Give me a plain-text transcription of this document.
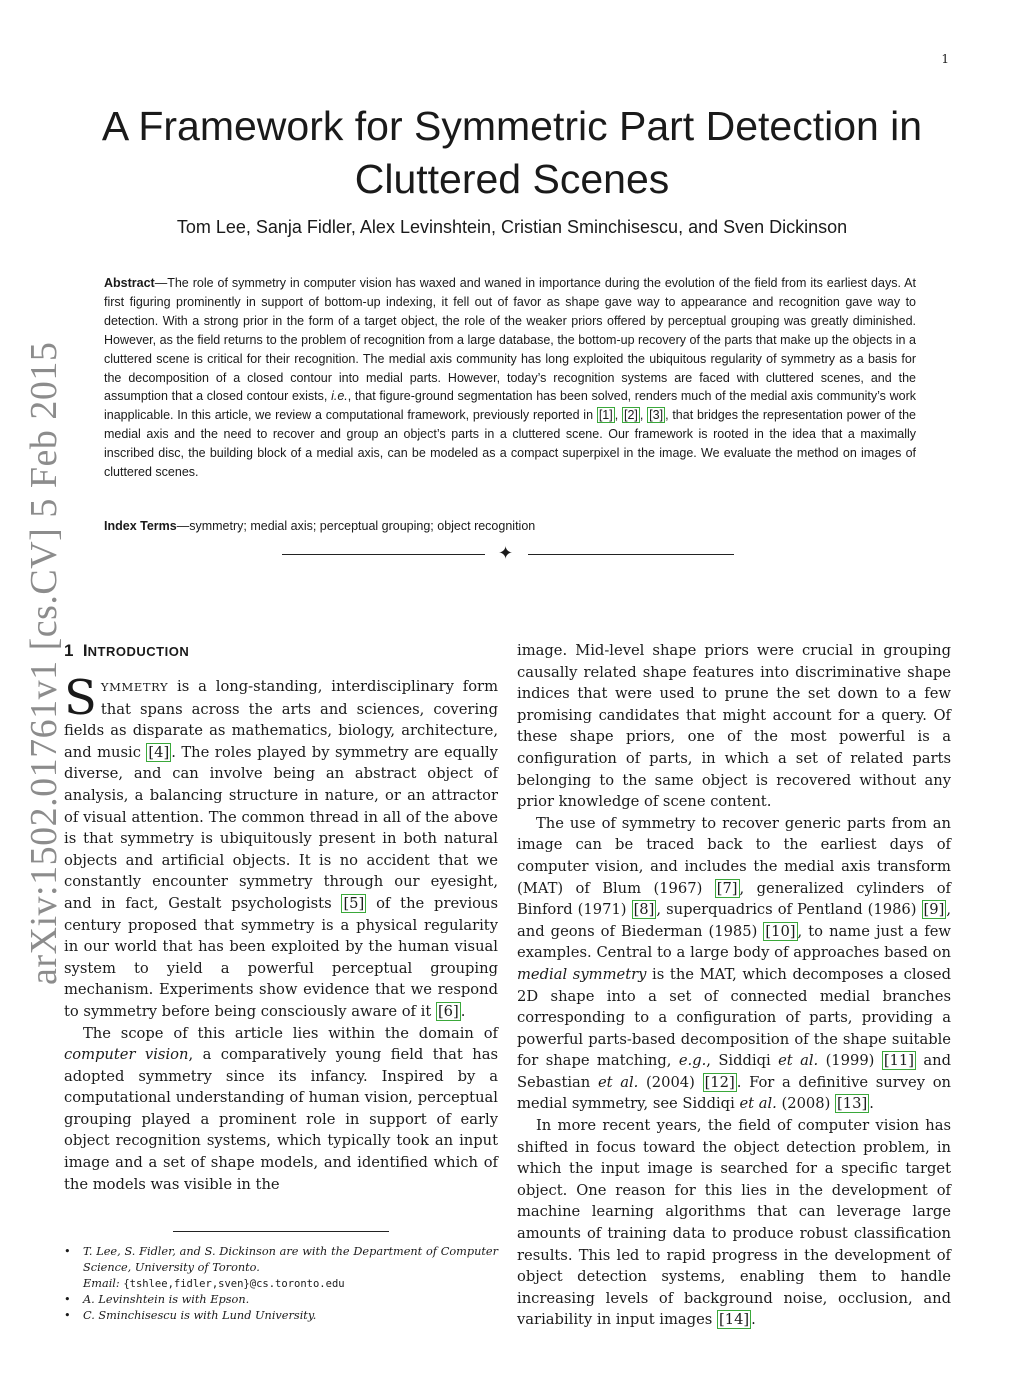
1
arXiv:1502.01761v1 [cs.CV] 5 Feb 2015
A Framework for Symmetric Part Detection in Cluttered Scenes
Tom Lee, Sanja Fidler, Alex Levinshtein, Cristian Sminchisescu, and Sven Dickinson

Abstract—The role of symmetry in computer vision has waxed and waned in importance during the evolution of the field from its earliest days. At first figuring prominently in support of bottom-up indexing, it fell out of favor as shape gave way to appearance and recognition gave way to detection. With a strong prior in the form of a target object, the role of the weaker priors offered by perceptual grouping was greatly diminished. However, as the field returns to the problem of recognition from a large database, the bottom-up recovery of the parts that make up the objects in a cluttered scene is critical for their recognition. The medial axis community has long exploited the ubiquitous regularity of symmetry as a basis for the decomposition of a closed contour into medial parts. However, today’s recognition systems are faced with cluttered scenes, and the assumption that a closed contour exists, i.e., that figure-ground segmentation has been solved, renders much of the medial axis community’s work inapplicable. In this article, we review a computational framework, previously reported in [1] , [2] , [3] , that bridges the representation power of the medial axis and the need to recover and group an object’s parts in a cluttered scene. Our framework is rooted in the idea that a maximally inscribed disc, the building block of a medial axis, can be modeled as a compact superpixel in the image. We evaluate the method on images of cluttered scenes.

Index Terms—symmetry; medial axis; perceptual grouping; object recognition
✦
1 INTRODUCTION

SYMMETRY is a long-standing, interdisciplinary form that spans across the arts and sciences, covering fields as disparate as mathematics, biology, architecture, and music [4] . The roles played by symmetry are equally diverse, and can involve being an abstract object of analysis, a balancing structure in nature, or an attractor of visual attention. The common thread in all of the above is that symmetry is ubiquitously present in both natural objects and artificial objects. It is no accident that we constantly encounter symmetry through our eyesight, and in fact, Gestalt psychologists [5] of the previous century proposed that symmetry is a physical regularity in our world that has been exploited by the human visual system to yield a powerful perceptual grouping mechanism. Experiments show evidence that we respond to symmetry before being consciously aware of it [6] .

The scope of this article lies within the domain of computer vision, a comparatively young field that has adopted symmetry since its infancy. Inspired by a computational understanding of human vision, perceptual grouping played a prominent role in support of early object recognition systems, which typically took an input image and a set of shape models, and identified which of the models was visible in the

image. Mid-level shape priors were crucial in grouping causally related shape features into discriminative shape indices that were used to prune the set down to a few promising candidates that might account for a query. Of these shape priors, one of the most powerful is a configuration of parts, in which a set of related parts belonging to the same object is recovered without any prior knowledge of scene content.

The use of symmetry to recover generic parts from an image can be traced back to the earliest days of computer vision, and includes the medial axis transform (MAT) of Blum (1967) [7] , generalized cylinders of Binford (1971) [8] , superquadrics of Pentland (1986) [9] , and geons of Biederman (1985) [10] , to name just a few examples. Central to a large body of approaches based on medial symmetry is the MAT, which decomposes a closed 2D shape into a set of connected medial branches corresponding to a configuration of parts, providing a powerful parts-based decomposition of the shape suitable for shape matching, e.g., Siddiqi et al. (1999) [11] and Sebastian et al. (2004) [12] . For a definitive survey on medial symmetry, see Siddiqi et al. (2008) [13] .

In more recent years, the field of computer vision has shifted in focus toward the object detection problem, in which the input image is searched for a specific target object. One reason for this lies in the development of machine learning algorithms that can leverage large amounts of training data to produce robust classification results. This led to rapid progress in the development of object detection systems, enabling them to handle increasing levels of background noise, occlusion, and variability in input images [14] .

• T. Lee, S. Fidler, and S. Dickinson are with the Department of Computer Science, University of Toronto.
Email: {tshlee,fidler,sven}@cs.toronto.edu
• A. Levinshtein is with Epson.
• C. Sminchisescu is with Lund University.
